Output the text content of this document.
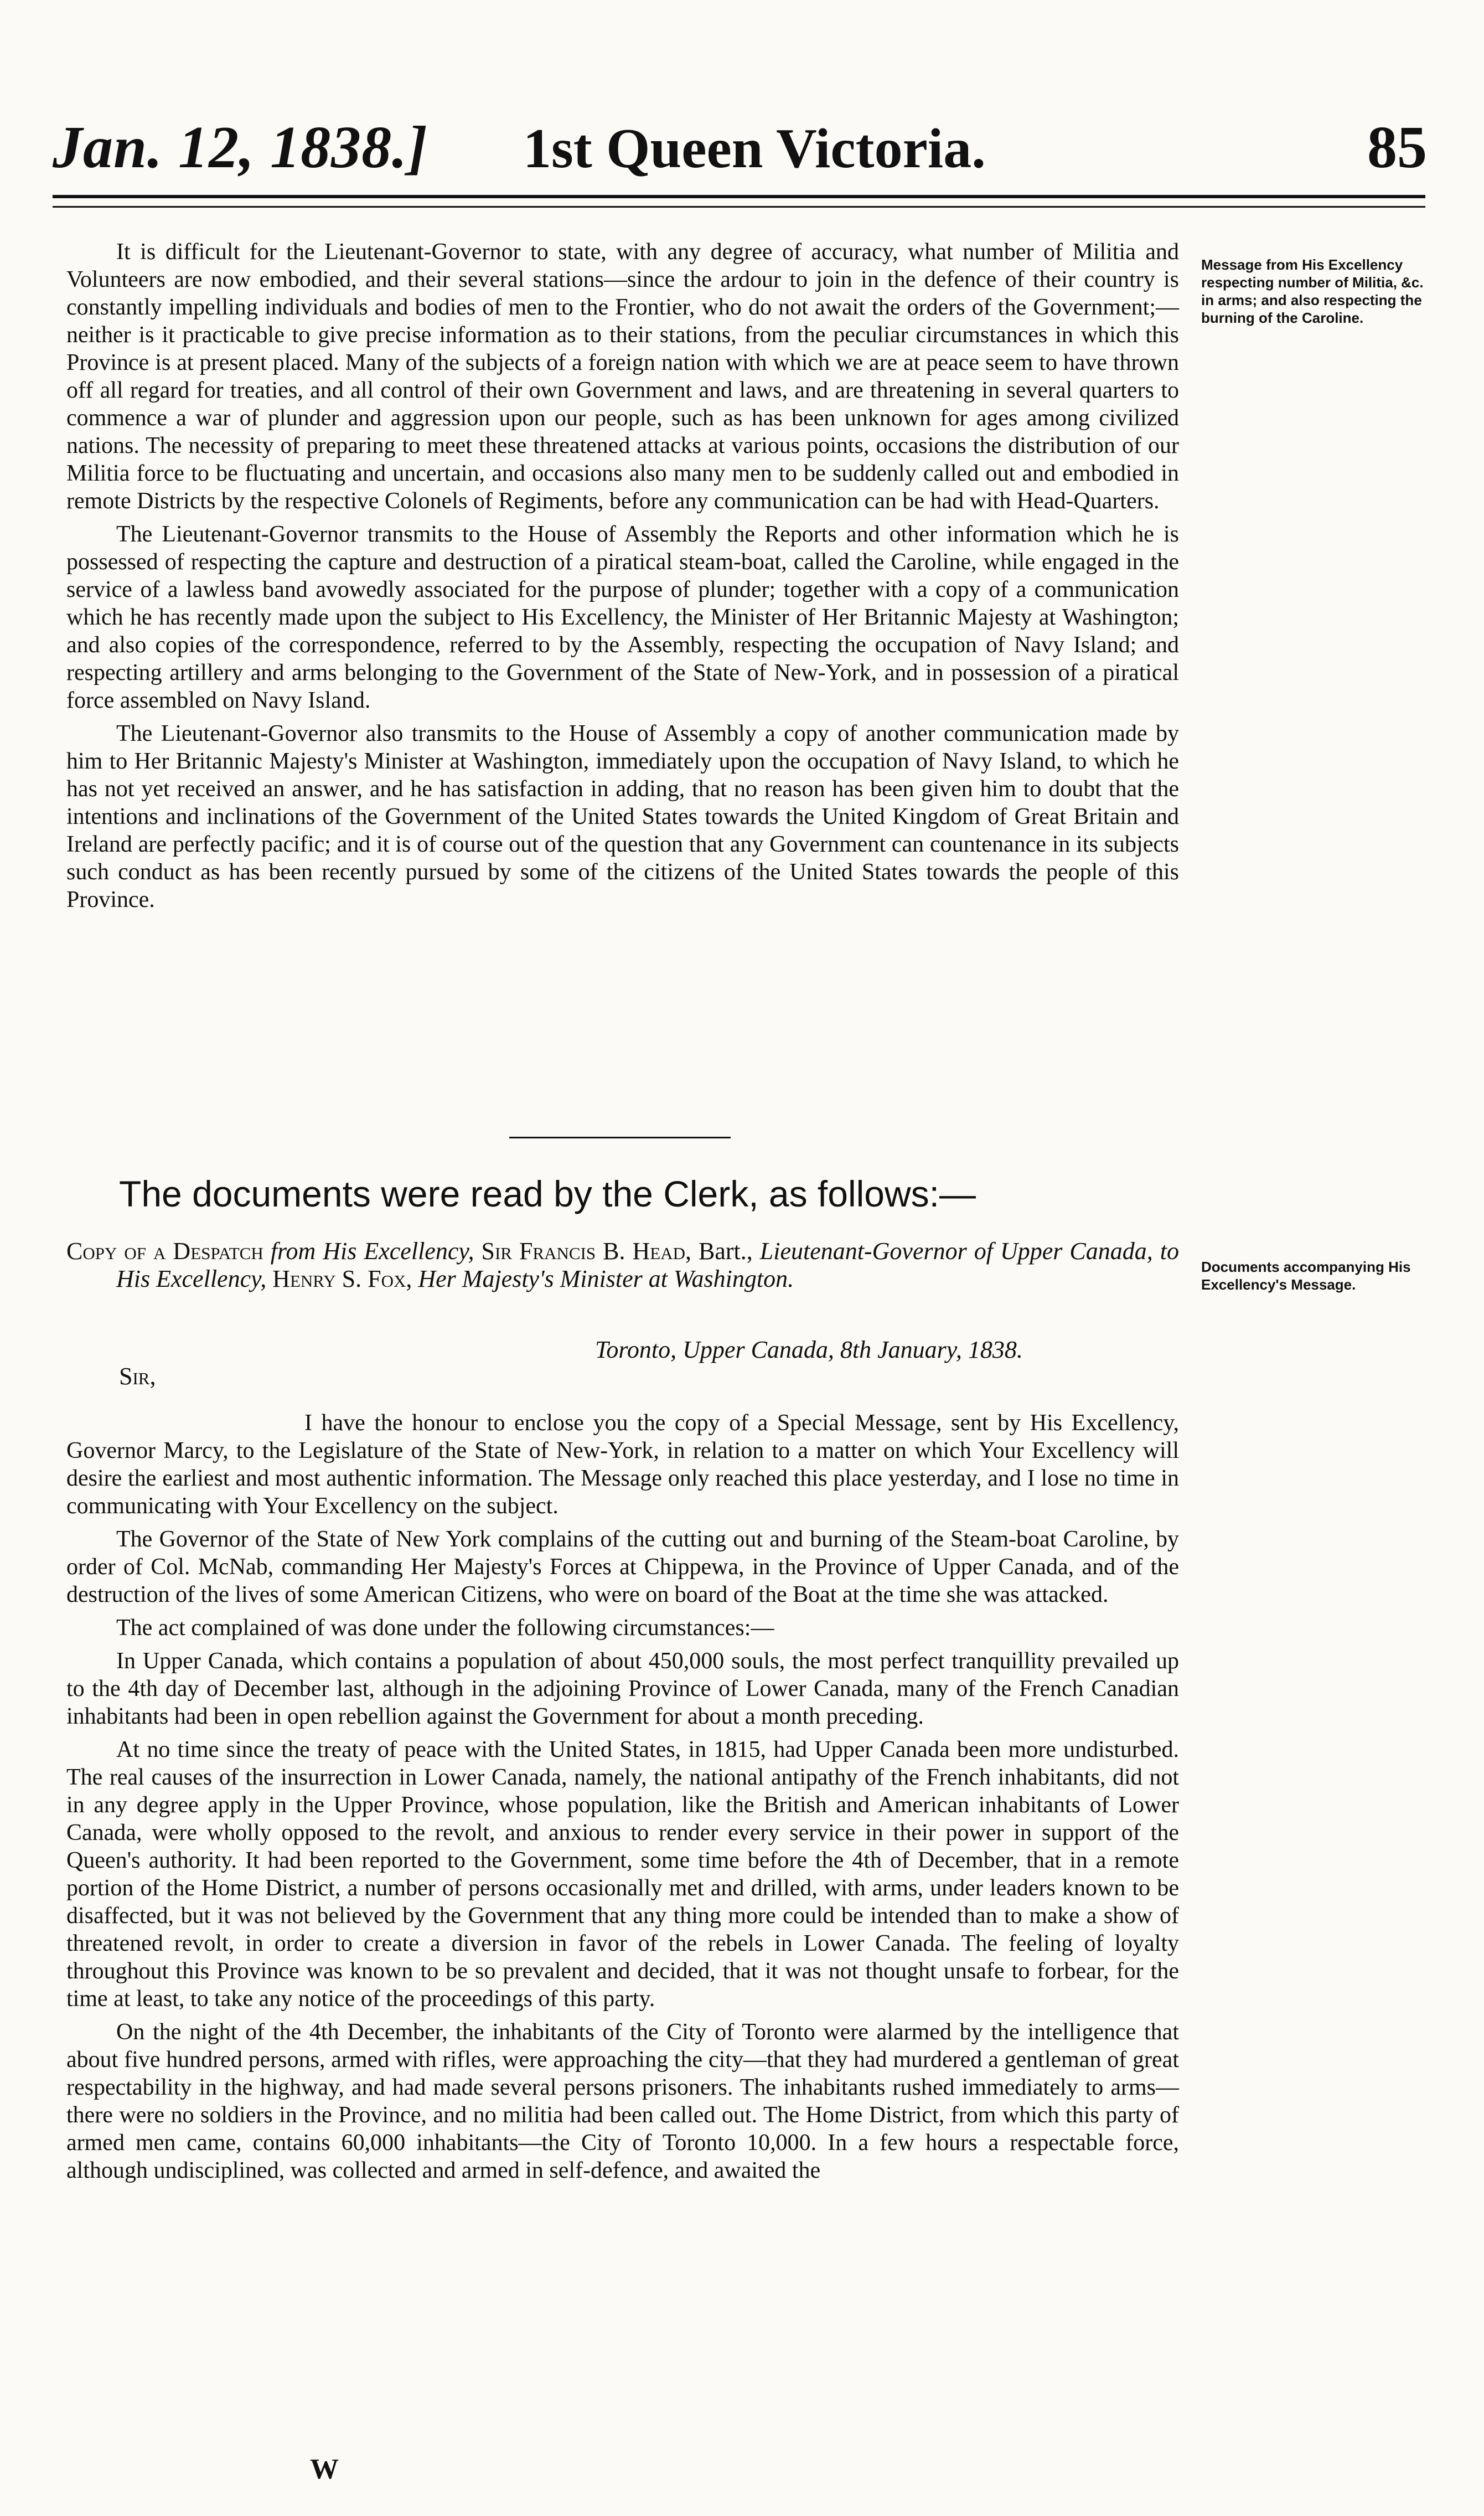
Jan. 12, 1838.] 1st Queen Victoria.	85
Message from His Excellency respecting number of Militia, &c. in arms; and also respecting the burning of the Caroline.

It is difficult for the Lieutenant-Governor to state, with any degree of accuracy, what number of Militia and Volunteers are now embodied, and their several stations—since the ardour to join in the defence of their country is constantly impelling individuals and bodies of men to the Frontier, who do not await the orders of the Government;—neither is it practicable to give precise information as to their stations, from the peculiar circumstances in which this Province is at present placed. Many of the subjects of a foreign nation with which we are at peace seem to have thrown off all regard for treaties, and all control of their own Government and laws, and are threatening in several quarters to commence a war of plunder and aggression upon our people, such as has been unknown for ages among civilized nations. The necessity of preparing to meet these threatened attacks at various points, occasions the distribution of our Militia force to be fluctuating and uncertain, and occasions also many men to be suddenly called out and embodied in remote Districts by the respective Colonels of Regiments, before any communication can be had with Head-Quarters.

The Lieutenant-Governor transmits to the House of Assembly the Reports and other information which he is possessed of respecting the capture and destruction of a piratical steam-boat, called the Caroline, while engaged in the service of a lawless band avowedly associated for the purpose of plunder; together with a copy of a communication which he has recently made upon the subject to His Excellency, the Minister of Her Britannic Majesty at Washington; and also copies of the correspondence, referred to by the Assembly, respecting the occupation of Navy Island; and respecting artillery and arms belonging to the Government of the State of New-York, and in possession of a piratical force assembled on Navy Island.

The Lieutenant-Governor also transmits to the House of Assembly a copy of another communication made by him to Her Britannic Majesty's Minister at Washington, immediately upon the occupation of Navy Island, to which he has not yet received an answer, and he has satisfaction in adding, that no reason has been given him to doubt that the intentions and inclinations of the Government of the United States towards the United Kingdom of Great Britain and Ireland are perfectly pacific; and it is of course out of the question that any Government can countenance in its subjects such conduct as has been recently pursued by some of the citizens of the United States towards the people of this Province.

The documents were read by the Clerk, as follows:—
Documents accompanying His Excellency's Message.

Copy of a Despatch from His Excellency, Sir Francis B. Head, Bart., Lieutenant-Governor of Upper Canada, to His Excellency, Henry S. Fox, Her Majesty's Minister at Washington.

Toronto, Upper Canada, 8th January, 1838.
Sir,

I have the honour to enclose you the copy of a Special Message, sent by His Excellency, Governor Marcy, to the Legislature of the State of New-York, in relation to a matter on which Your Excellency will desire the earliest and most authentic information. The Message only reached this place yesterday, and I lose no time in communicating with Your Excellency on the subject.

The Governor of the State of New York complains of the cutting out and burning of the Steam-boat Caroline, by order of Col. McNab, commanding Her Majesty's Forces at Chippewa, in the Province of Upper Canada, and of the destruction of the lives of some American Citizens, who were on board of the Boat at the time she was attacked.

The act complained of was done under the following circumstances:—

In Upper Canada, which contains a population of about 450,000 souls, the most perfect tranquillity prevailed up to the 4th day of December last, although in the adjoining Province of Lower Canada, many of the French Canadian inhabitants had been in open rebellion against the Government for about a month preceding.

At no time since the treaty of peace with the United States, in 1815, had Upper Canada been more undisturbed. The real causes of the insurrection in Lower Canada, namely, the national antipathy of the French inhabitants, did not in any degree apply in the Upper Province, whose population, like the British and American inhabitants of Lower Canada, were wholly opposed to the revolt, and anxious to render every service in their power in support of the Queen's authority. It had been reported to the Government, some time before the 4th of December, that in a remote portion of the Home District, a number of persons occasionally met and drilled, with arms, under leaders known to be disaffected, but it was not believed by the Government that any thing more could be intended than to make a show of threatened revolt, in order to create a diversion in favor of the rebels in Lower Canada. The feeling of loyalty throughout this Province was known to be so prevalent and decided, that it was not thought unsafe to forbear, for the time at least, to take any notice of the proceedings of this party.

On the night of the 4th December, the inhabitants of the City of Toronto were alarmed by the intelligence that about five hundred persons, armed with rifles, were approaching the city—that they had murdered a gentleman of great respectability in the highway, and had made several persons prisoners. The inhabitants rushed immediately to arms—there were no soldiers in the Province, and no militia had been called out. The Home District, from which this party of armed men came, contains 60,000 inhabitants—the City of Toronto 10,000. In a few hours a respectable force, although undisciplined, was collected and armed in self-defence, and awaited the

W
